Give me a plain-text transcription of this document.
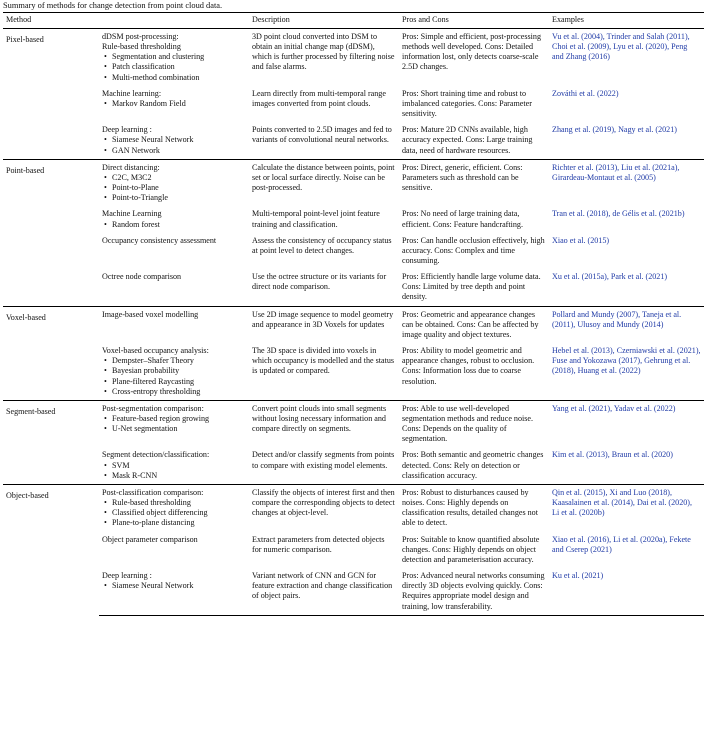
Summary of methods for change detection from point cloud data.
Method		Description	Pros and Cons	Examples
Pixel-based	dDSM post-processing:
Rule-based thresholding
• Segmentation and clustering
• Patch classification
• Multi-method combination	3D point cloud converted into DSM to obtain an initial change map (dDSM), which is further processed by filtering noise and false alarms.	Pros: Simple and efficient, post-processing methods well developed. Cons: Detailed information lost, only detects coarse-scale 2.5D changes.	Vu et al. (2004), Trinder and Salah (2011), Choi et al. (2009), Lyu et al. (2020), Peng and Zhang (2016)

	Machine learning:
• Markov Random Field	Learn directly from multi-temporal range images converted from point clouds.	Pros: Short training time and robust to imbalanced categories. Cons: Parameter sensitivity.	Zováthi et al. (2022)

	Deep learning :
• Siamese Neural Network
• GAN Network	Points converted to 2.5D images and fed to variants of convolutional neural networks.	Pros: Mature 2D CNNs available, high accuracy expected. Cons: Large training data, need of hardware resources.	Zhang et al. (2019), Nagy et al. (2021)
Point-based	Direct distancing:
• C2C, M3C2
• Point-to-Plane
• Point-to-Triangle	Calculate the distance between points, point set or local surface directly. Noise can be post-processed.	Pros: Direct, generic, efficient. Cons: Parameters such as threshold can be sensitive.	Richter et al. (2013), Liu et al. (2021a), Girardeau-Montaut et al. (2005)

	Machine Learning
• Random forest	Multi-temporal point-level joint feature training and classification.	Pros: No need of large training data, efficient. Cons: Feature handcrafting.	Tran et al. (2018), de Gélis et al. (2021b)

	Occupancy consistency assessment	Assess the consistency of occupancy status at point level to detect changes.	Pros: Can handle occlusion effectively, high accuracy. Cons: Complex and time consuming.	Xiao et al. (2015)

	Octree node comparison	Use the octree structure or its variants for direct node comparison.	Pros: Efficiently handle large volume data. Cons: Limited by tree depth and point density.	Xu et al. (2015a), Park et al. (2021)
Voxel-based	Image-based voxel modelling	Use 2D image sequence to model geometry and appearance in 3D Voxels for updates	Pros: Geometric and appearance changes can be obtained. Cons: Can be affected by image quality and object textures.	Pollard and Mundy (2007), Taneja et al. (2011), Ulusoy and Mundy (2014)

	Voxel-based occupancy analysis:
• Dempster–Shafer Theory
• Bayesian probability
• Plane-filtered Raycasting
• Cross-entropy thresholding	The 3D space is divided into voxels in which occupancy is modelled and the status is updated or compared.	Pros: Ability to model geometric and appearance changes, robust to occlusion. Cons: Information loss due to coarse resolution.	Hebel et al. (2013), Czerniawski et al. (2021), Fuse and Yokozawa (2017), Gehrung et al. (2018), Huang et al. (2022)
Segment-based	Post-segmentation comparison:
• Feature-based region growing
• U-Net segmentation	Convert point clouds into small segments without losing necessary information and compare directly on segments.	Pros: Able to use well-developed segmentation methods and reduce noise. Cons: Depends on the quality of segmentation.	Yang et al. (2021), Yadav et al. (2022)

	Segment detection/classification:
• SVM
• Mask R-CNN	Detect and/or classify segments from points to compare with existing model elements.	Pros: Both semantic and geometric changes detected. Cons: Rely on detection or classification accuracy.	Kim et al. (2013), Braun et al. (2020)
Object-based	Post-classification comparison:
• Rule-based thresholding
• Classified object differencing
• Plane-to-plane distancing	Classify the objects of interest first and then compare the corresponding objects to detect changes at object-level.	Pros: Robust to disturbances caused by noises. Cons: Highly depends on classification results, detailed changes not able to detect.	Qin et al. (2015), Xi and Luo (2018), Kaasalainen et al. (2014), Dai et al. (2020), Li et al. (2020b)

	Object parameter comparison	Extract parameters from detected objects for numeric comparison.	Pros: Suitable to know quantified absolute changes. Cons: Highly depends on object detection and parameterisation accuracy.	Xiao et al. (2016), Li et al. (2020a), Fekete and Cserep (2021)

	Deep learning :
• Siamese Neural Network	Variant network of CNN and GCN for feature extraction and change classification of object pairs.	Pros: Advanced neural networks consuming directly 3D objects evolving quickly. Cons: Requires appropriate model design and training, low transferability.	Ku et al. (2021)
